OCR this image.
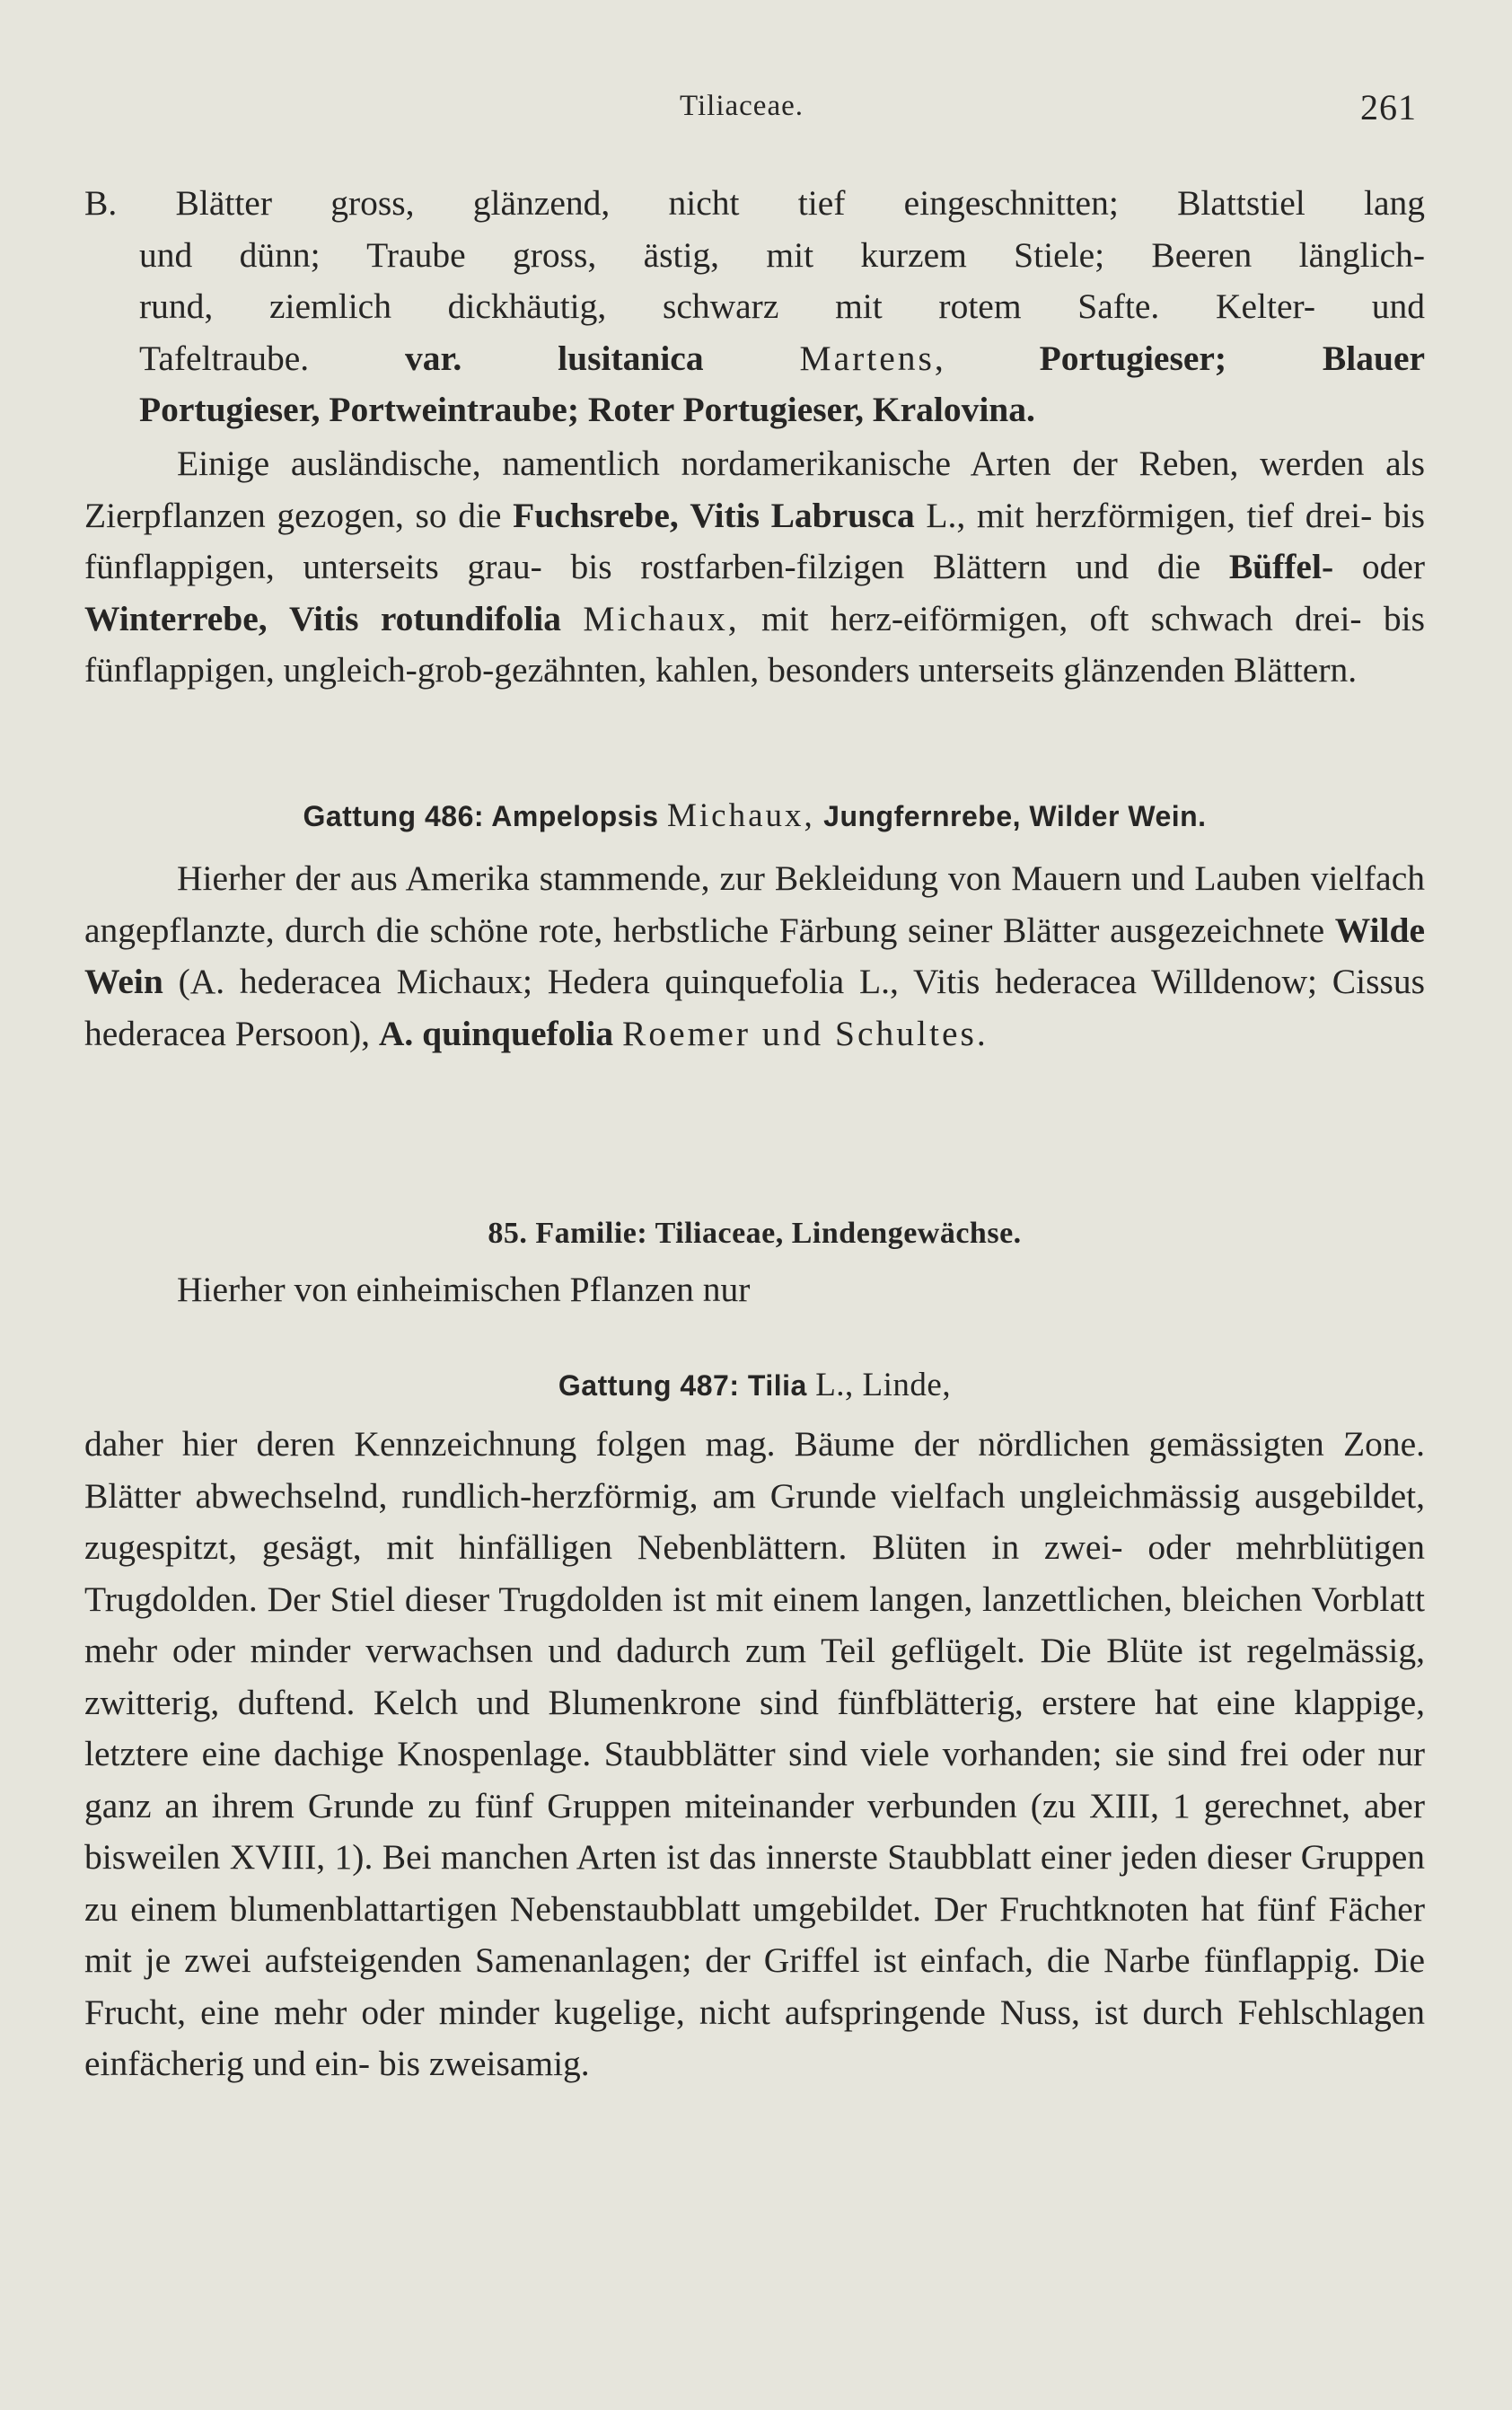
Tiliaceae.	261

B. Blätter gross, glänzend, nicht tief eingeschnitten; Blattstiel lang

und dünn; Traube gross, ästig, mit kurzem Stiele; Beeren länglich-

rund, ziemlich dickhäutig, schwarz mit rotem Safte. Kelter- und

Tafeltraube. var.	lusitanica	Martens, Portugieser; Blauer

Portugieser, Portweintraube; Roter Portugieser, Kralovina.

Einige ausländische, namentlich nordamerikanische Arten der Reben, werden als Zierpflanzen gezogen, so die Fuchsrebe, Vitis Labrusca L., mit herzförmigen, tief drei- bis fünflappigen, unterseits grau- bis rostfarben-filzigen Blättern und die Büffel- oder Winterrebe, Vitis rotundifolia Michaux, mit herz-eiförmigen, oft schwach drei- bis fünflappigen, ungleich-grob-gezähnten, kahlen, besonders unterseits glänzenden Blättern.

Gattung 486: Ampelopsis Michaux, Jungfernrebe, Wilder Wein.

Hierher der aus Amerika stammende, zur Bekleidung von Mauern und Lauben vielfach angepflanzte, durch die schöne rote, herbstliche Färbung seiner Blätter ausgezeichnete Wilde Wein (A. hederacea Michaux; Hedera quinquefolia L., Vitis hederacea Willdenow; Cissus hederacea Persoon), A. quinquefolia Roemer und Schultes.

85. Familie: Tiliaceae, Lindengewächse.

Hierher von einheimischen Pflanzen nur

Gattung 487: Tilia L., Linde,

daher hier deren Kennzeichnung folgen mag. Bäume der nördlichen gemässigten Zone. Blätter abwechselnd, rundlich-herzförmig, am Grunde vielfach ungleichmässig ausgebildet, zugespitzt, gesägt, mit hinfälligen Nebenblättern. Blüten in zwei- oder mehrblütigen Trugdolden. Der Stiel dieser Trugdolden ist mit einem langen, lanzettlichen, bleichen Vorblatt mehr oder minder verwachsen und dadurch zum Teil geflügelt. Die Blüte ist regelmässig, zwitterig, duftend. Kelch und Blumenkrone sind fünfblätterig, erstere hat eine klappige, letztere eine dachige Knospenlage. Staubblätter sind viele vorhanden; sie sind frei oder nur ganz an ihrem Grunde zu fünf Gruppen miteinander verbunden (zu XIII, 1 gerechnet, aber bisweilen XVIII, 1). Bei manchen Arten ist das innerste Staubblatt einer jeden dieser Gruppen zu einem blumenblattartigen Nebenstaubblatt umgebildet. Der Fruchtknoten hat fünf Fächer mit je zwei aufsteigenden Samenanlagen; der Griffel ist einfach, die Narbe fünflappig. Die Frucht, eine mehr oder minder kugelige, nicht aufspringende Nuss, ist durch Fehlschlagen einfächerig und ein- bis zweisamig.
